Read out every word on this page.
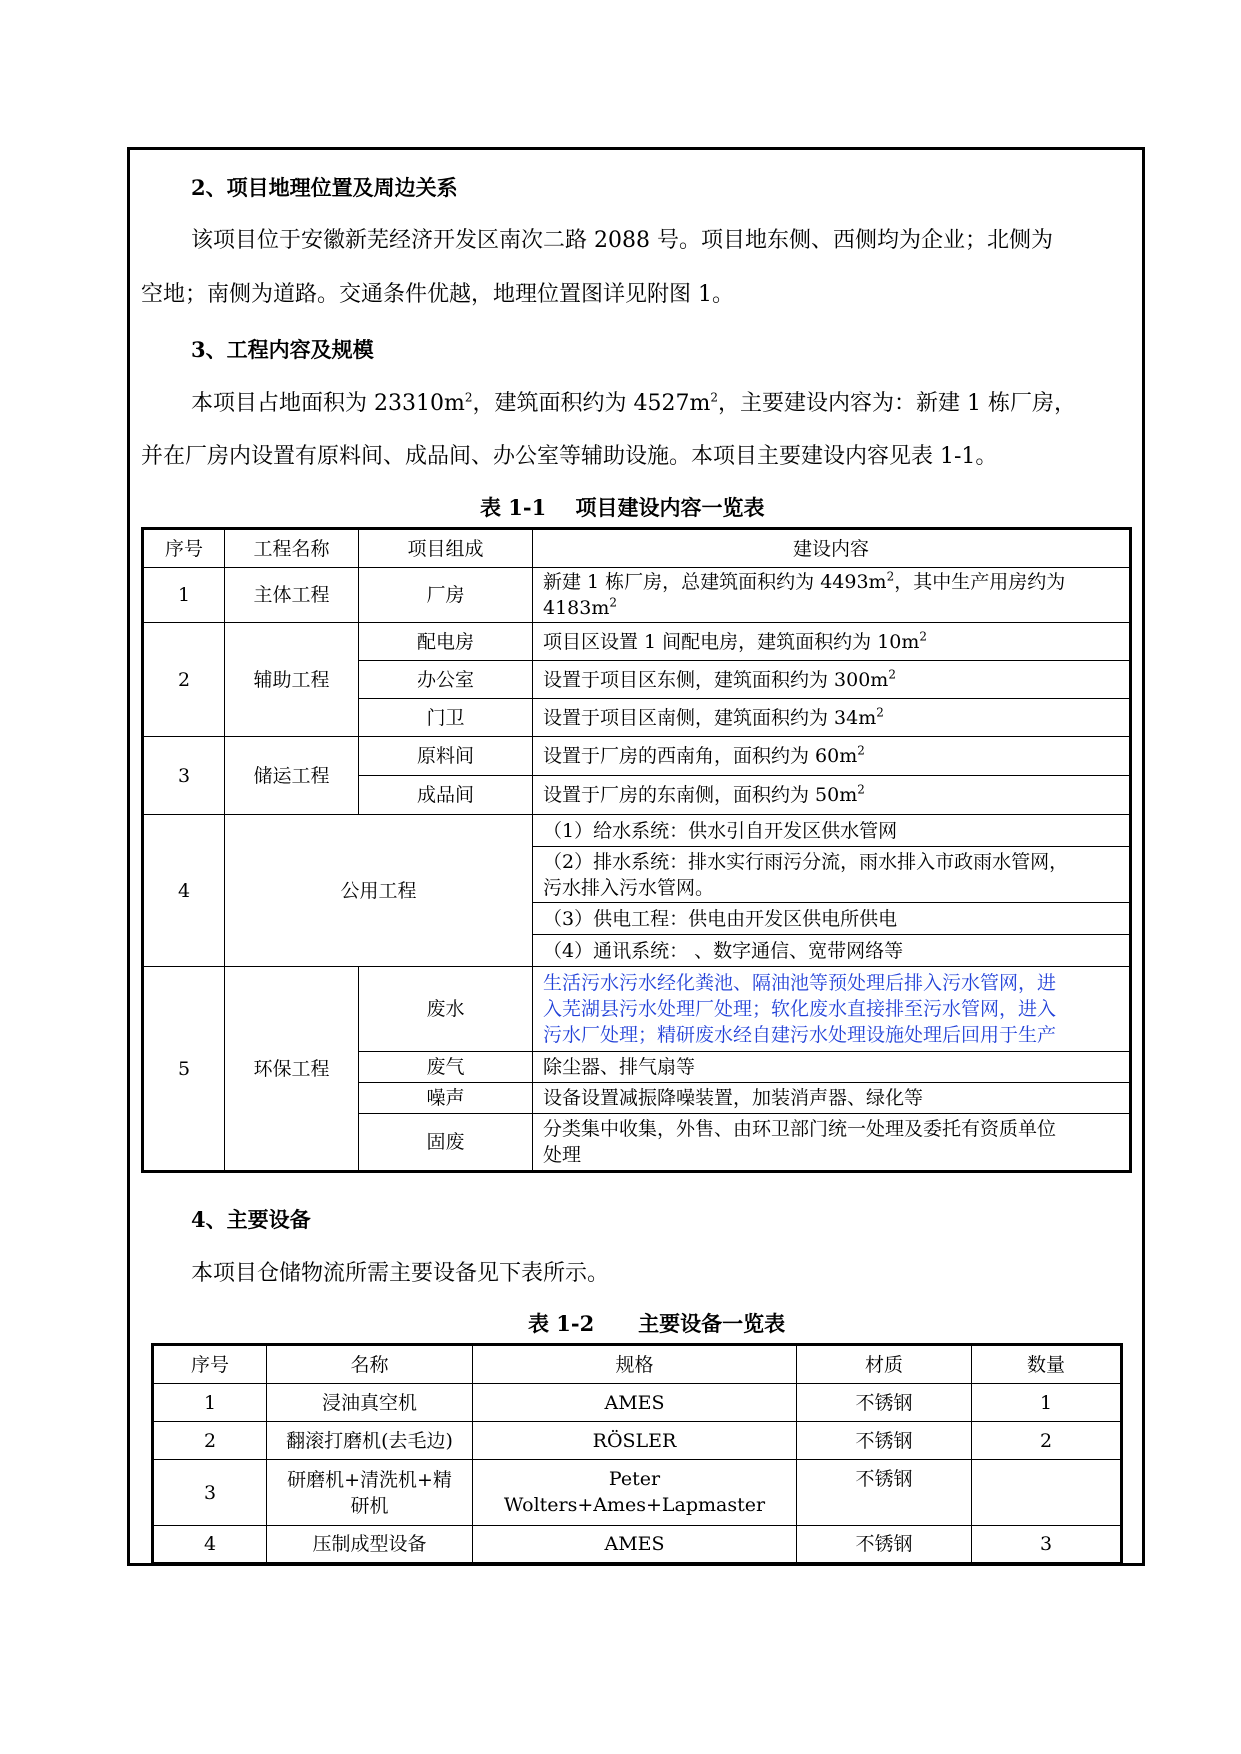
2、项目地理位置及周边关系
该项目位于安徽新芜经济开发区南次二路 2088 号。项目地东侧、西侧均为企业；北侧为
空地；南侧为道路。交通条件优越，地理位置图详见附图 1。
3、工程内容及规模
本项目占地面积为 $23310m^2$，建筑面积约为 $4527m^2$，主要建设内容为：新建 1 栋厂房，
并在厂房内设置有原料间、成品间、办公室等辅助设施。本项目主要建设内容见表 1-1。
表 1-1    项目建设内容一览表
序号	工程名称	项目组成	建设内容
1	主体工程	厂房	新建 1 栋厂房，总建筑面积约为 $4493m^2$，其中生产用房约为
$4183m^2$
2	辅助工程	配电房	项目区设置 1 间配电房，建筑面积约为 $10m^2$
		办公室	设置于项目区东侧，建筑面积约为 $300m^2$
		门卫	设置于项目区南侧，建筑面积约为 $34m^2$
3	储运工程	原料间	设置于厂房的西南角，面积约为 $60m^2$
		成品间	设置于厂房的东南侧，面积约为 $50m^2$
4	公用工程		（1）给水系统：供水引自开发区供水管网
			（2）排水系统：排水实行雨污分流，雨水排入市政雨水管网，
污水排入污水管网。
			（3）供电工程：供电由开发区供电所供电
			（4）通讯系统： 、数字通信、宽带网络等
5	环保工程	废水	生活污水污水经化粪池、隔油池等预处理后排入污水管网，进
入芜湖县污水处理厂处理；软化废水直接排至污水管网，进入
污水厂处理；精研废水经自建污水处理设施处理后回用于生产
		废气	除尘器、排气扇等
		噪声	设备设置减振降噪装置，加装消声器、绿化等
		固废	分类集中收集，外售、由环卫部门统一处理及委托有资质单位
处理
4、主要设备
本项目仓储物流所需主要设备见下表所示。
表 1-2      主要设备一览表
序号	名称	规格	材质	数量
1	浸油真空机	AMES	不锈钢	1
2	翻滚打磨机(去毛边)	RÖSLER	不锈钢	2
3	研磨机+清洗机+精
研机	Peter Wolters+Ames+Lapmaster	不锈钢	
4	压制成型设备	AMES	不锈钢	3
